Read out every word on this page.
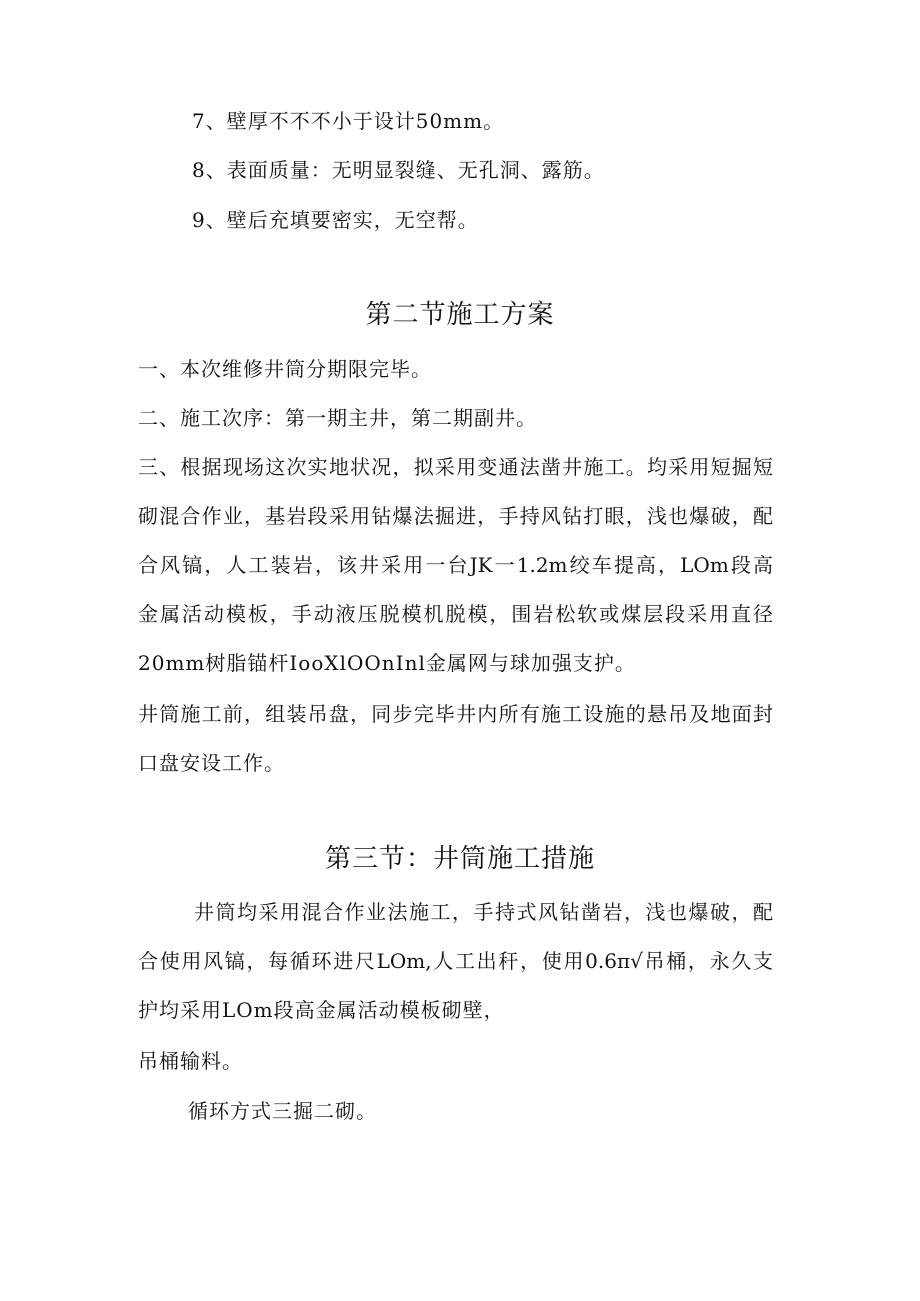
7、壁厚不不不小于设计50mm。
8、表面质量：无明显裂缝、无孔洞、露筋。
9、壁后充填要密实，无空帮。
第二节施工方案
一、本次维修井筒分期限完毕。
二、施工次序：第一期主井，第二期副井。
三、根据现场这次实地状况，拟采用变通法凿井施工。均采用短掘短
砌混合作业，基岩段采用钻爆法掘进，手持风钻打眼，浅也爆破，配
合风镐，人工装岩，该井采用一台JK一1.2m绞车提高，LOm段高
金属活动模板，手动液压脱模机脱模，围岩松软或煤层段采用直径
20mm树脂锚杆IooXlOOnInl金属网与球加强支护。
井筒施工前，组装吊盘，同步完毕井内所有施工设施的悬吊及地面封
口盘安设工作。
第三节：井筒施工措施
井筒均采用混合作业法施工，手持式风钻凿岩，浅也爆破，配
合使用风镐，每循环进尺LOm,人工出秆，使用0.6π√吊桶，永久支
护均采用LOm段高金属活动模板砌壁，
吊桶输料。
循环方式三掘二砌。
